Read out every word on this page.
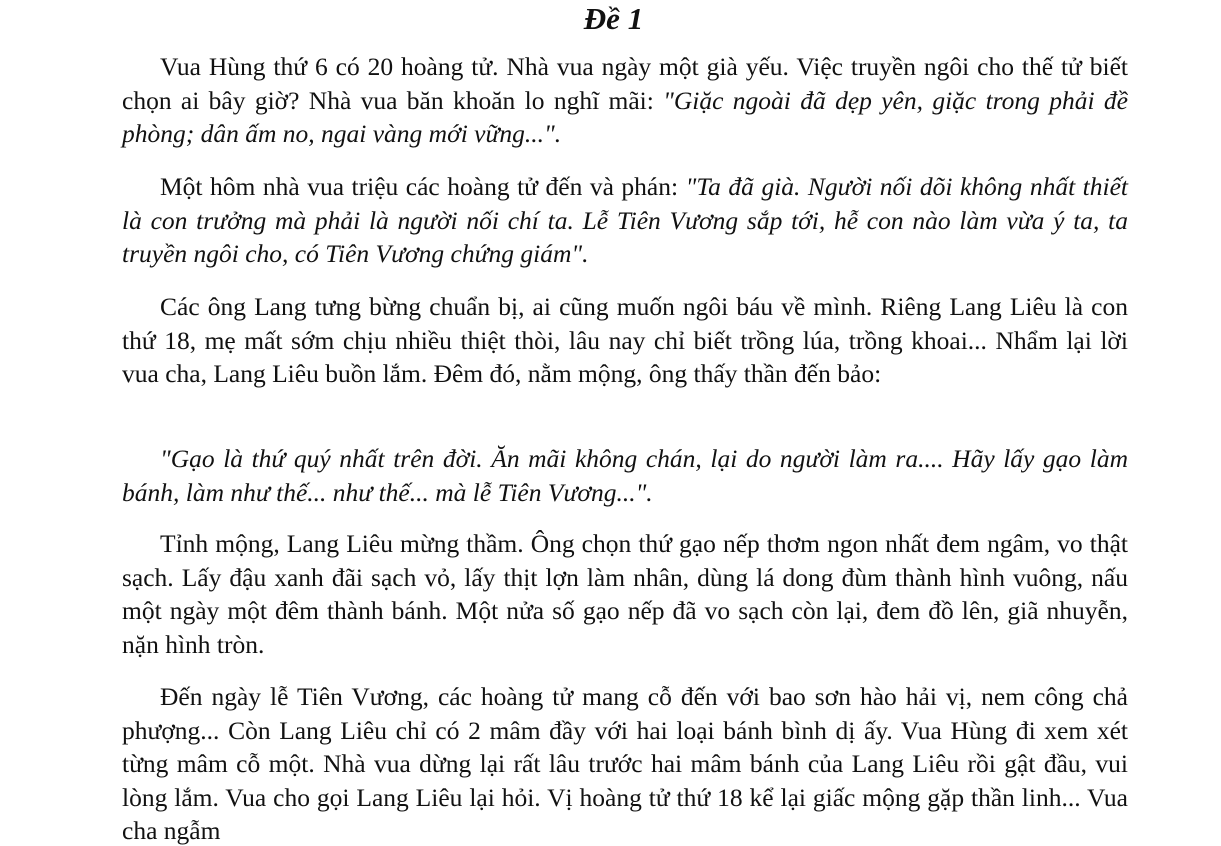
Đề 1

Vua Hùng thứ 6 có 20 hoàng tử. Nhà vua ngày một già yếu. Việc truyền ngôi cho thế tử biết chọn ai bây giờ? Nhà vua băn khoăn lo nghĩ mãi: "Giặc ngoài đã dẹp yên, giặc trong phải đề phòng; dân ấm no, ngai vàng mới vững...".

Một hôm nhà vua triệu các hoàng tử đến và phán: "Ta đã già. Người nối dõi không nhất thiết là con trưởng mà phải là người nối chí ta. Lễ Tiên Vương sắp tới, hễ con nào làm vừa ý ta, ta truyền ngôi cho, có Tiên Vương chứng giám".

Các ông Lang tưng bừng chuẩn bị, ai cũng muốn ngôi báu về mình. Riêng Lang Liêu là con thứ 18, mẹ mất sớm chịu nhiều thiệt thòi, lâu nay chỉ biết trồng lúa, trồng khoai... Nhẩm lại lời vua cha, Lang Liêu buồn lắm. Đêm đó, nằm mộng, ông thấy thần đến bảo:

"Gạo là thứ quý nhất trên đời. Ăn mãi không chán, lại do người làm ra.... Hãy lấy gạo làm bánh, làm như thế... như thế... mà lễ Tiên Vương...".

Tỉnh mộng, Lang Liêu mừng thầm. Ông chọn thứ gạo nếp thơm ngon nhất đem ngâm, vo thật sạch. Lấy đậu xanh đãi sạch vỏ, lấy thịt lợn làm nhân, dùng lá dong đùm thành hình vuông, nấu một ngày một đêm thành bánh. Một nửa số gạo nếp đã vo sạch còn lại, đem đồ lên, giã nhuyễn, nặn hình tròn.

Đến ngày lễ Tiên Vương, các hoàng tử mang cỗ đến với bao sơn hào hải vị, nem công chả phượng... Còn Lang Liêu chỉ có 2 mâm đầy với hai loại bánh bình dị ấy. Vua Hùng đi xem xét từng mâm cỗ một. Nhà vua dừng lại rất lâu trước hai mâm bánh của Lang Liêu rồi gật đầu, vui lòng lắm. Vua cho gọi Lang Liêu lại hỏi. Vị hoàng tử thứ 18 kể lại giấc mộng gặp thần linh... Vua cha ngẫm
